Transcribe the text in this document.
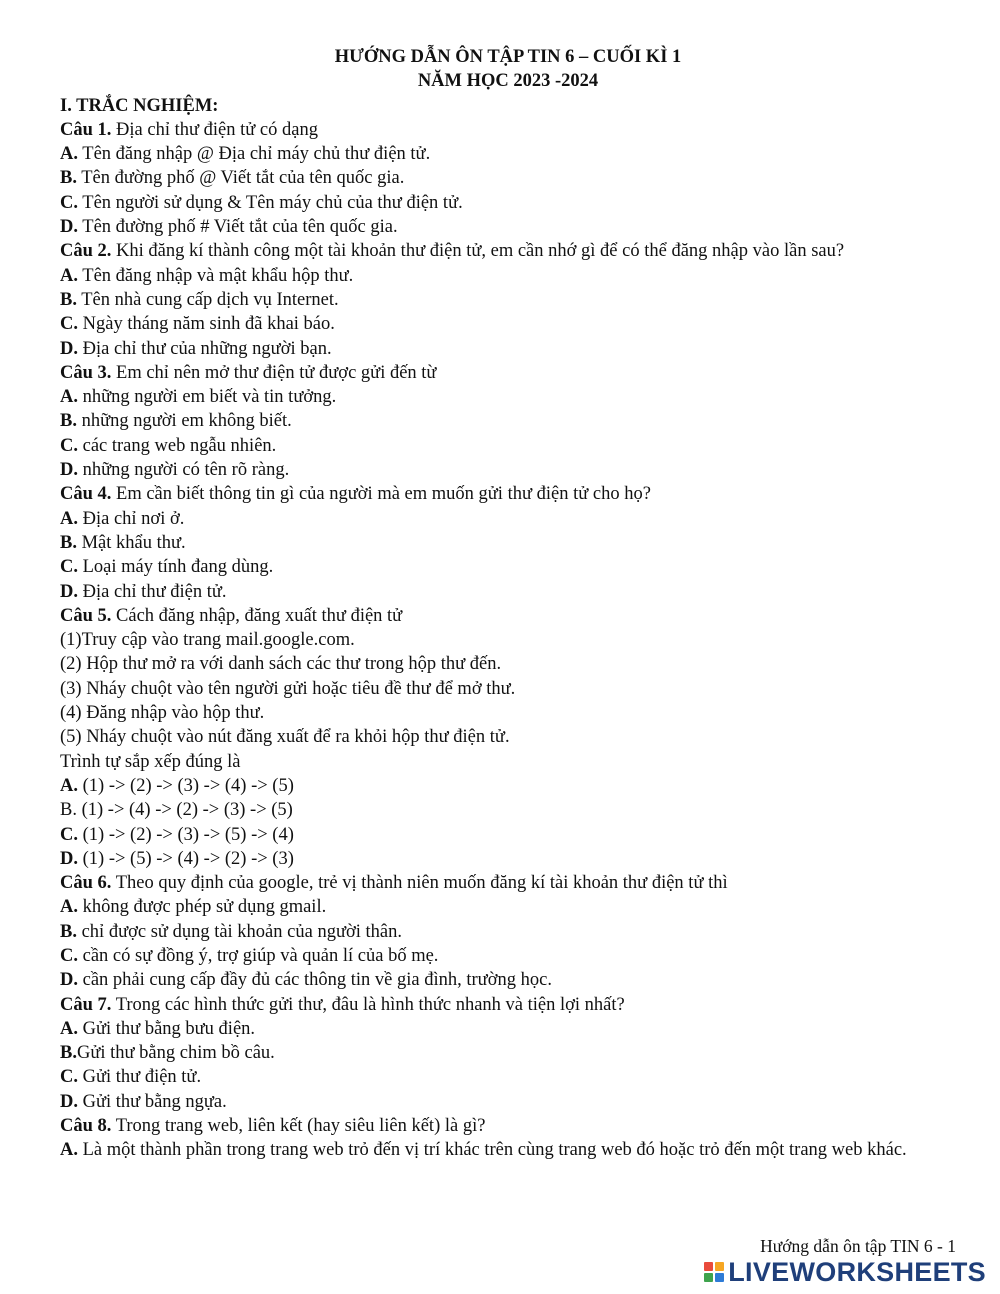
HƯỚNG DẪN ÔN TẬP TIN 6 – CUỐI KÌ 1
NĂM HỌC 2023 -2024
I. TRẮC NGHIỆM:
Câu 1. Địa chỉ thư điện tử có dạng
A. Tên đăng nhập @ Địa chỉ máy chủ thư điện tử.
B. Tên đường phố @ Viết tắt của tên quốc gia.
C. Tên người sử dụng & Tên máy chủ của thư điện tử.
D. Tên đường phố # Viết tắt của tên quốc gia.
Câu 2. Khi đăng kí thành công một tài khoản thư điện tử, em cần nhớ gì để có thể đăng nhập vào lần sau?
A. Tên đăng nhập và mật khẩu hộp thư.
B. Tên nhà cung cấp dịch vụ Internet.
C. Ngày tháng năm sinh đã khai báo.
D. Địa chỉ thư của những người bạn.
Câu 3. Em chỉ nên mở thư điện tử được gửi đến từ
A. những người em biết và tin tưởng.
B. những người em không biết.
C. các trang web ngẫu nhiên.
D. những người có tên rõ ràng.
Câu 4. Em cần biết thông tin gì của người mà em muốn gửi thư điện tử cho họ?
A. Địa chỉ nơi ở.
B. Mật khẩu thư.
C. Loại máy tính đang dùng.
D. Địa chỉ thư điện tử.
Câu 5. Cách đăng nhập, đăng xuất thư điện tử
(1)Truy cập vào trang mail.google.com.
(2) Hộp thư mở ra với danh sách các thư trong hộp thư đến.
(3) Nháy chuột vào tên người gửi hoặc tiêu đề thư để mở thư.
(4) Đăng nhập vào hộp thư.
(5) Nháy chuột vào nút đăng xuất để ra khỏi hộp thư điện tử.
Trình tự sắp xếp đúng là
A. (1) -> (2) -> (3) -> (4) -> (5)
B. (1) -> (4) -> (2) -> (3) -> (5)
C. (1) -> (2) -> (3) -> (5) -> (4)
D. (1) -> (5) -> (4) -> (2) -> (3)
Câu 6. Theo quy định của google, trẻ vị thành niên muốn đăng kí tài khoản thư điện tử thì
A. không được phép sử dụng gmail.
B. chỉ được sử dụng tài khoản của người thân.
C. cần có sự đồng ý, trợ giúp và quản lí của bố mẹ.
D. cần phải cung cấp đầy đủ các thông tin về gia đình, trường học.
Câu 7. Trong các hình thức gửi thư, đâu là hình thức nhanh và tiện lợi nhất?
A. Gửi thư bằng bưu điện.
B.Gửi thư bằng chim bồ câu.
C. Gửi thư điện tử.
D. Gửi thư bằng ngựa.
Câu 8. Trong trang web, liên kết (hay siêu liên kết) là gì?
A. Là một thành phần trong trang web trỏ đến vị trí khác trên cùng trang web đó hoặc trỏ đến một trang web khác.
Hướng dẫn ôn tập TIN 6 - 1
LIVEWORKSHEETS
